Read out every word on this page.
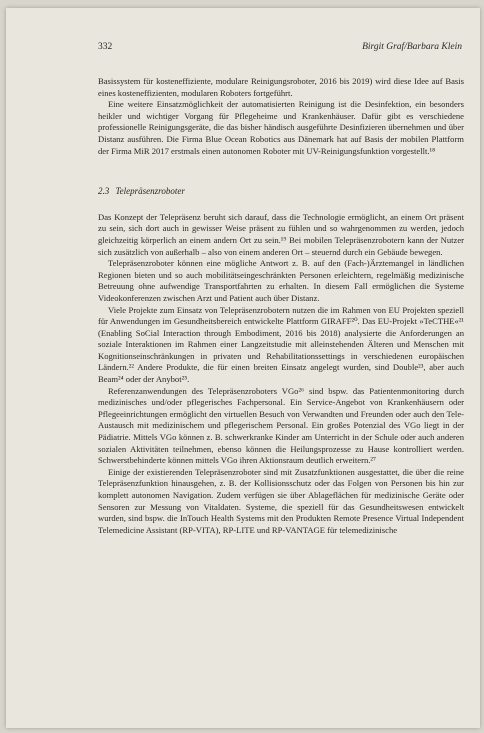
332	Birgit Graf/Barbara Klein

Basissystem für kosteneffiziente, modulare Reinigungsroboter, 2016 bis 2019) wird diese Idee auf Basis eines kosteneffizienten, modularen Roboters fortgeführt.

Eine weitere Einsatzmöglichkeit der automatisierten Reinigung ist die Desinfektion, ein besonders heikler und wichtiger Vorgang für Pflegeheime und Krankenhäuser. Dafür gibt es verschiedene professionelle Reinigungsgeräte, die das bisher händisch ausgeführte Desinfizieren übernehmen und über Distanz ausführen. Die Firma Blue Ocean Robotics aus Dänemark hat auf Basis der mobilen Plattform der Firma MiR 2017 erstmals einen autonomen Roboter mit UV-Reinigungsfunktion vorgestellt.¹⁸

2.3 Telepräsenzroboter

Das Konzept der Telepräsenz beruht sich darauf, dass die Technologie ermöglicht, an einem Ort präsent zu sein, sich dort auch in gewisser Weise präsent zu fühlen und so wahrgenommen zu werden, jedoch gleichzeitig körperlich an einem andern Ort zu sein.¹⁹ Bei mobilen Telepräsenzrobotern kann der Nutzer sich zusätzlich von außerhalb – also von einem anderen Ort – steuernd durch ein Gebäude bewegen.

Telepräsenzroboter können eine mögliche Antwort z. B. auf den (Fach-)Ärztemangel in ländlichen Regionen bieten und so auch mobilitätseingeschränkten Personen erleichtern, regelmäßig medizinische Betreuung ohne aufwendige Transportfahrten zu erhalten. In diesem Fall ermöglichen die Systeme Videokonferenzen zwischen Arzt und Patient auch über Distanz.

Viele Projekte zum Einsatz von Telepräsenzrobotern nutzen die im Rahmen von EU Projekten speziell für Anwendungen im Gesundheitsbereich entwickelte Plattform GIRAFF²⁰. Das EU-Projekt »TeCTHE«²¹ (Enabling SoCial Interaction through Embodiment, 2016 bis 2018) analysierte die Anforderungen an soziale Interaktionen im Rahmen einer Langzeitstudie mit alleinstehenden Älteren und Menschen mit Kognitionseinschränkungen in privaten und Rehabilitationssettings in verschiedenen europäischen Ländern.²² Andere Produkte, die für einen breiten Einsatz angelegt wurden, sind Double²³, aber auch Beam²⁴ oder der Anybot²⁵.

Referenzanwendungen des Telepräsenzroboters VGo²⁶ sind bspw. das Patientenmonitoring durch medizinisches und/oder pflegerisches Fachpersonal. Ein Service-Angebot von Krankenhäusern oder Pflegeeinrichtungen ermöglicht den virtuellen Besuch von Verwandten und Freunden oder auch den Tele-Austausch mit medizinischem und pflegerischem Personal. Ein großes Potenzial des VGo liegt in der Pädiatrie. Mittels VGo können z. B. schwerkranke Kinder am Unterricht in der Schule oder auch anderen sozialen Aktivitäten teilnehmen, ebenso können die Heilungsprozesse zu Hause kontrolliert werden. Schwerstbehinderte können mittels VGo ihren Aktionsraum deutlich erweitern.²⁷

Einige der existierenden Telepräsenzroboter sind mit Zusatzfunktionen ausgestattet, die über die reine Telepräsenzfunktion hinausgehen, z. B. der Kollisionsschutz oder das Folgen von Personen bis hin zur komplett autonomen Navigation. Zudem verfügen sie über Ablageflächen für medizinische Geräte oder Sensoren zur Messung von Vitaldaten. Systeme, die speziell für das Gesundheitswesen entwickelt wurden, sind bspw. die InTouch Health Systems mit den Produkten Remote Presence Virtual Independent Telemedicine Assistant (RP-VITA), RP-LITE und RP-VANTAGE für telemedizinische
